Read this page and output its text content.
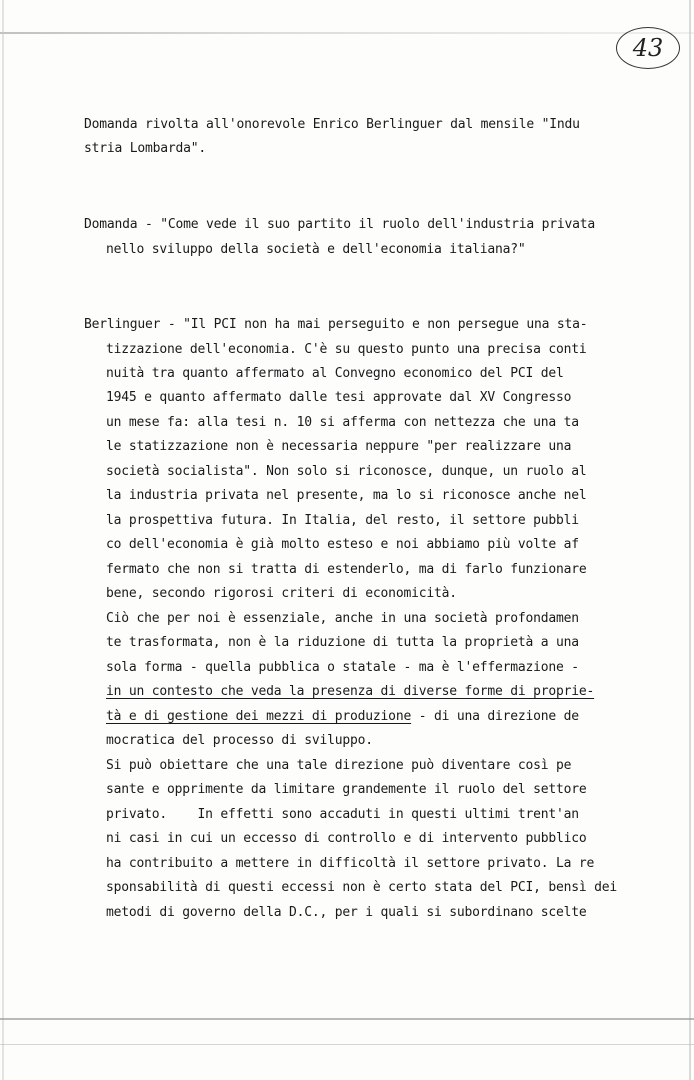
43
Domanda rivolta all'onorevole Enrico Berlinguer dal mensile "Indu
stria Lombarda".
Domanda - "Come vede il suo partito il ruolo dell'industria privata
nello sviluppo della società e dell'economia italiana?"
Berlinguer - "Il PCI non ha mai perseguito e non persegue una sta-
tizzazione dell'economia. C'è su questo punto una precisa conti
nuità tra quanto affermato al Convegno economico del PCI del
1945 e quanto affermato dalle tesi approvate dal XV Congresso
un mese fa: alla tesi n. 10 si afferma con nettezza che una ta
le statizzazione non è necessaria neppure "per realizzare una
società socialista". Non solo si riconosce, dunque, un ruolo al
la industria privata nel presente, ma lo si riconosce anche nel
la prospettiva futura. In Italia, del resto, il settore pubbli
co dell'economia è già molto esteso e noi abbiamo più volte af
fermato che non si tratta di estenderlo, ma di farlo funzionare
bene, secondo rigorosi criteri di economicità.
Ciò che per noi è essenziale, anche in una società profondamen
te trasformata, non è la riduzione di tutta la proprietà a una
sola forma - quella pubblica o statale - ma è l'effermazione -
in un contesto che veda la presenza di diverse forme di proprie-
tà e di gestione dei mezzi di produzione - di una direzione de
mocratica del processo di sviluppo.
Si può obiettare che una tale direzione può diventare così pe
sante e opprimente da limitare grandemente il ruolo del settore
privato.    In effetti sono accaduti in questi ultimi trent'an
ni casi in cui un eccesso di controllo e di intervento pubblico
ha contribuito a mettere in difficoltà il settore privato. La re
sponsabilità di questi eccessi non è certo stata del PCI, bensì dei
metodi di governo della D.C., per i quali si subordinano scelte
